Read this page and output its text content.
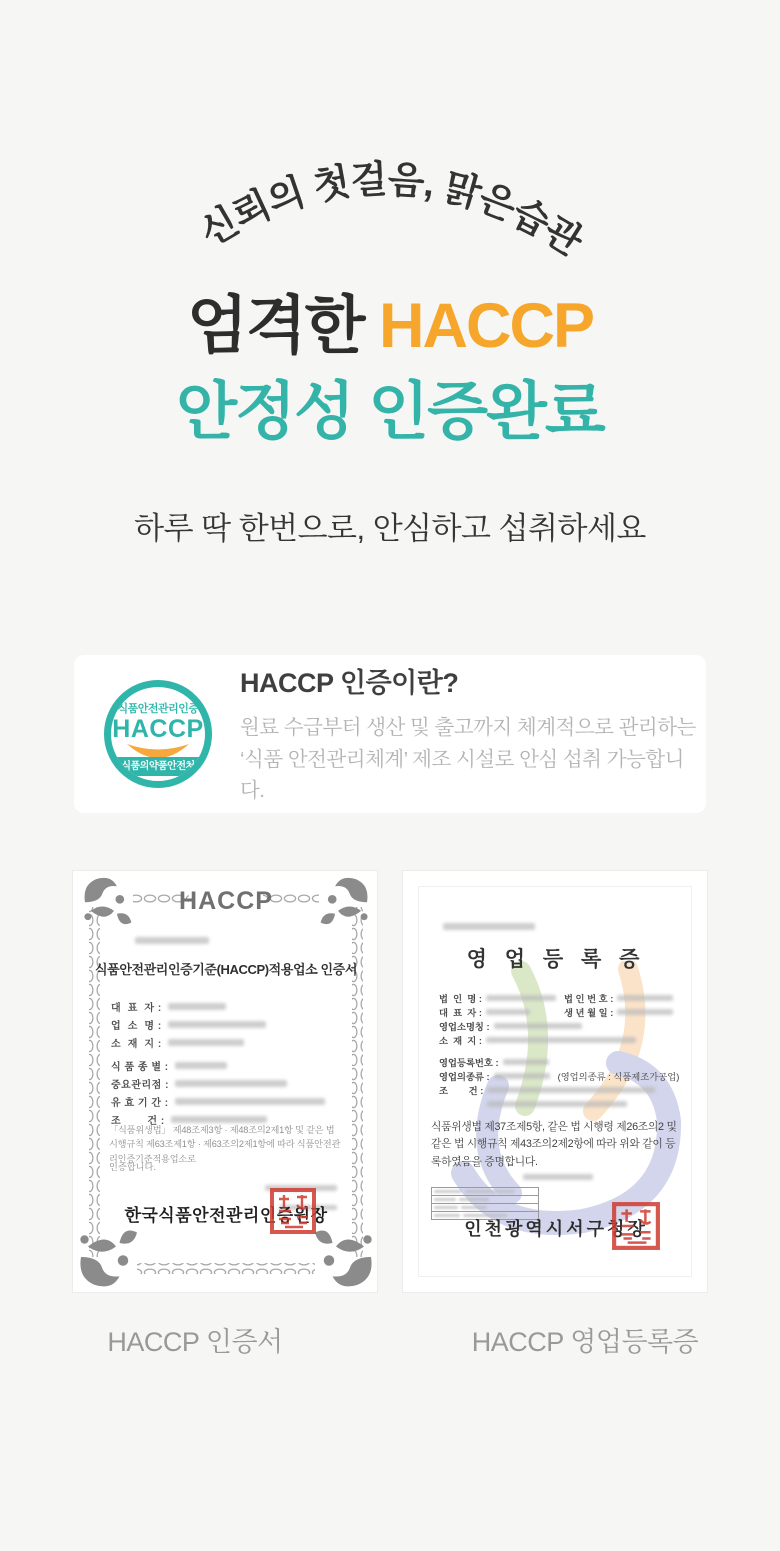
신뢰의 첫걸음, 맑은습관
엄격한 HACCP
안정성 인증완료
하루 딱 한번으로, 안심하고 섭취하세요
식품안전관리인증
HACCP
식품의약품안전처
HACCP 인증이란?
원료 수급부터 생산 및 출고까지 체계적으로 관리하는
‘식품 안전관리체계’ 제조 시설로 안심 섭취 가능합니다.
HACCP
식품안전관리인증기준(HACCP)적용업소 인증서
대  표  자 :
업  소  명 :
소  재  지 :
식 품 종 별 :
중요관리점 :
유 효 기 간 :
조        건 :
「식품위생법」 제48조제3항 · 제48조의2제1항 및 같은 법 시행규칙 제63조제1항 · 제63조의2제1항에 따라 식품안전관리인증기준적용업소로
인증합니다.

한국식품안전관리인증원장
영 업 등 록 증
법  인  명 :	법 인 번 호 :
대  표  자 :	생 년 월 일 :
영업소명칭 :
소  재  지 :
영업등록번호 :
영업의종류 :	(영업의종류 : 식품제조가공업)
조        건 :
식품위생법 제37조제5항, 같은 법 시행령 제26조의2 및 같은 법 시행규칙 제43조의2제2항에 따라 위와 같이 등록하였음을 증명합니다.
인천광역시서구청장
HACCP 인증서	HACCP 영업등록증
